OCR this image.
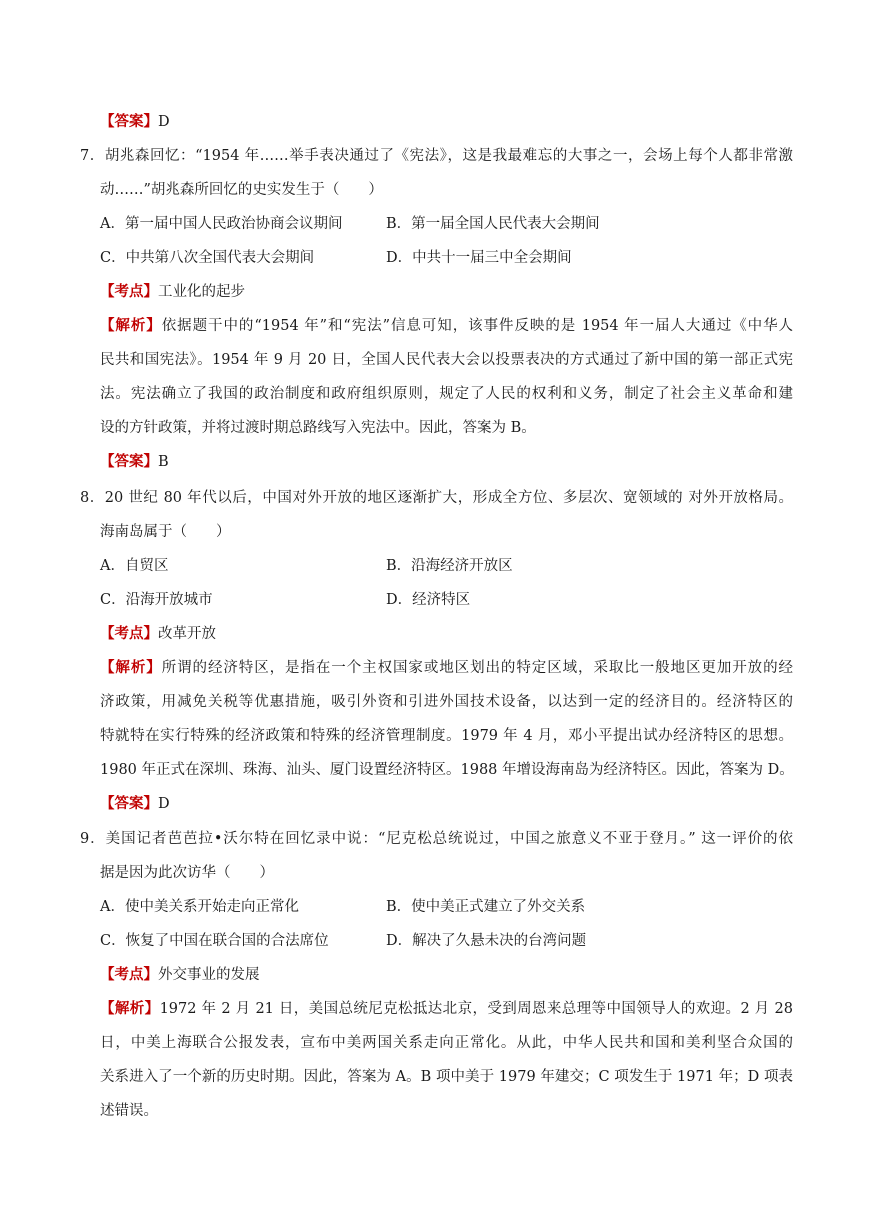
【答案】D
7．胡兆森回忆：“1954 年……举手表决通过了《宪法》，这是我最难忘的大事之一，会场上每个人都非常激
动……”胡兆森所回忆的史实发生于（　　）
A．第一届中国人民政治协商会议期间	B．第一届全国人民代表大会期间
C．中共第八次全国代表大会期间	D．中共十一届三中全会期间
【考点】工业化的起步
【解析】依据题干中的“1954 年”和“宪法”信息可知，该事件反映的是 1954 年一届人大通过《中华人
民共和国宪法》。1954 年 9 月 20 日，全国人民代表大会以投票表决的方式通过了新中国的第一部正式宪
法。宪法确立了我国的政治制度和政府组织原则，规定了人民的权利和义务，制定了社会主义革命和建
设的方针政策，并将过渡时期总路线写入宪法中。因此，答案为 B。
【答案】B
8．20 世纪 80 年代以后，中国对外开放的地区逐渐扩大，形成全方位、多层次、宽领域的 对外开放格局。
海南岛属于（　　）
A．自贸区	B．沿海经济开放区
C．沿海开放城市	D．经济特区
【考点】改革开放
【解析】所谓的经济特区，是指在一个主权国家或地区划出的特定区域，采取比一般地区更加开放的经
济政策，用减免关税等优惠措施，吸引外资和引进外国技术设备，以达到一定的经济目的。经济特区的
特就特在实行特殊的经济政策和特殊的经济管理制度。1979 年 4 月，邓小平提出试办经济特区的思想。
1980 年正式在深圳、珠海、汕头、厦门设置经济特区。1988 年增设海南岛为经济特区。因此，答案为 D。
【答案】D
9．美国记者芭芭拉•沃尔特在回忆录中说：“尼克松总统说过，中国之旅意义不亚于登月。” 这一评价的依
据是因为此次访华（　　）
A．使中美关系开始走向正常化	B．使中美正式建立了外交关系
C．恢复了中国在联合国的合法席位	D．解决了久悬未决的台湾问题
【考点】外交事业的发展
【解析】1972 年 2 月 21 日，美国总统尼克松抵达北京，受到周恩来总理等中国领导人的欢迎。2 月 28
日，中美上海联合公报发表，宣布中美两国关系走向正常化。从此，中华人民共和国和美利坚合众国的
关系进入了一个新的历史时期。因此，答案为 A。B 项中美于 1979 年建交；C 项发生于 1971 年；D 项表
述错误。
